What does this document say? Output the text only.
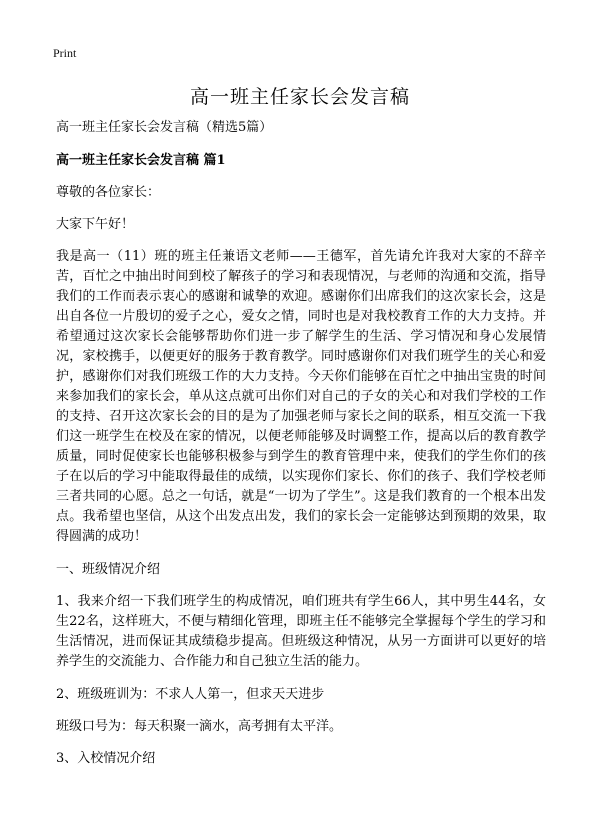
Print
高一班主任家长会发言稿

高一班主任家长会发言稿（精选5篇）

高一班主任家长会发言稿 篇1

尊敬的各位家长：

大家下午好！

我是高一（11）班的班主任兼语文老师——王德军，首先请允许我对大家的不辞辛苦，百忙之中抽出时间到校了解孩子的学习和表现情况，与老师的沟通和交流，指导我们的工作而表示衷心的感谢和诚挚的欢迎。感谢你们出席我们的这次家长会，这是出自各位一片殷切的爱子之心，爱女之情，同时也是对我校教育工作的大力支持。并希望通过这次家长会能够帮助你们进一步了解学生的生活、学习情况和身心发展情况，家校携手，以便更好的服务于教育教学。同时感谢你们对我们班学生的关心和爱护，感谢你们对我们班级工作的大力支持。今天你们能够在百忙之中抽出宝贵的时间来参加我们的家长会，单从这点就可出你们对自己的子女的关心和对我们学校的工作的支持、召开这次家长会的目的是为了加强老师与家长之间的联系，相互交流一下我们这一班学生在校及在家的情况，以便老师能够及时调整工作，提高以后的教育教学质量，同时促使家长也能够积极参与到学生的教育管理中来，使我们的学生你们的孩子在以后的学习中能取得最佳的成绩，以实现你们家长、你们的孩子、我们学校老师三者共同的心愿。总之一句话，就是“一切为了学生”。这是我们教育的一个根本出发点。我希望也坚信，从这个出发点出发，我们的家长会一定能够达到预期的效果，取得圆满的成功！

一、班级情况介绍

1、我来介绍一下我们班学生的构成情况，咱们班共有学生66人，其中男生44名，女生22名，这样班大，不便与精细化管理，即班主任不能够完全掌握每个学生的学习和生活情况，进而保证其成绩稳步提高。但班级这种情况，从另一方面讲可以更好的培养学生的交流能力、合作能力和自己独立生活的能力。

2、班级班训为：不求人人第一，但求天天进步

班级口号为：每天积聚一滴水，高考拥有太平洋。

3、入校情况介绍
